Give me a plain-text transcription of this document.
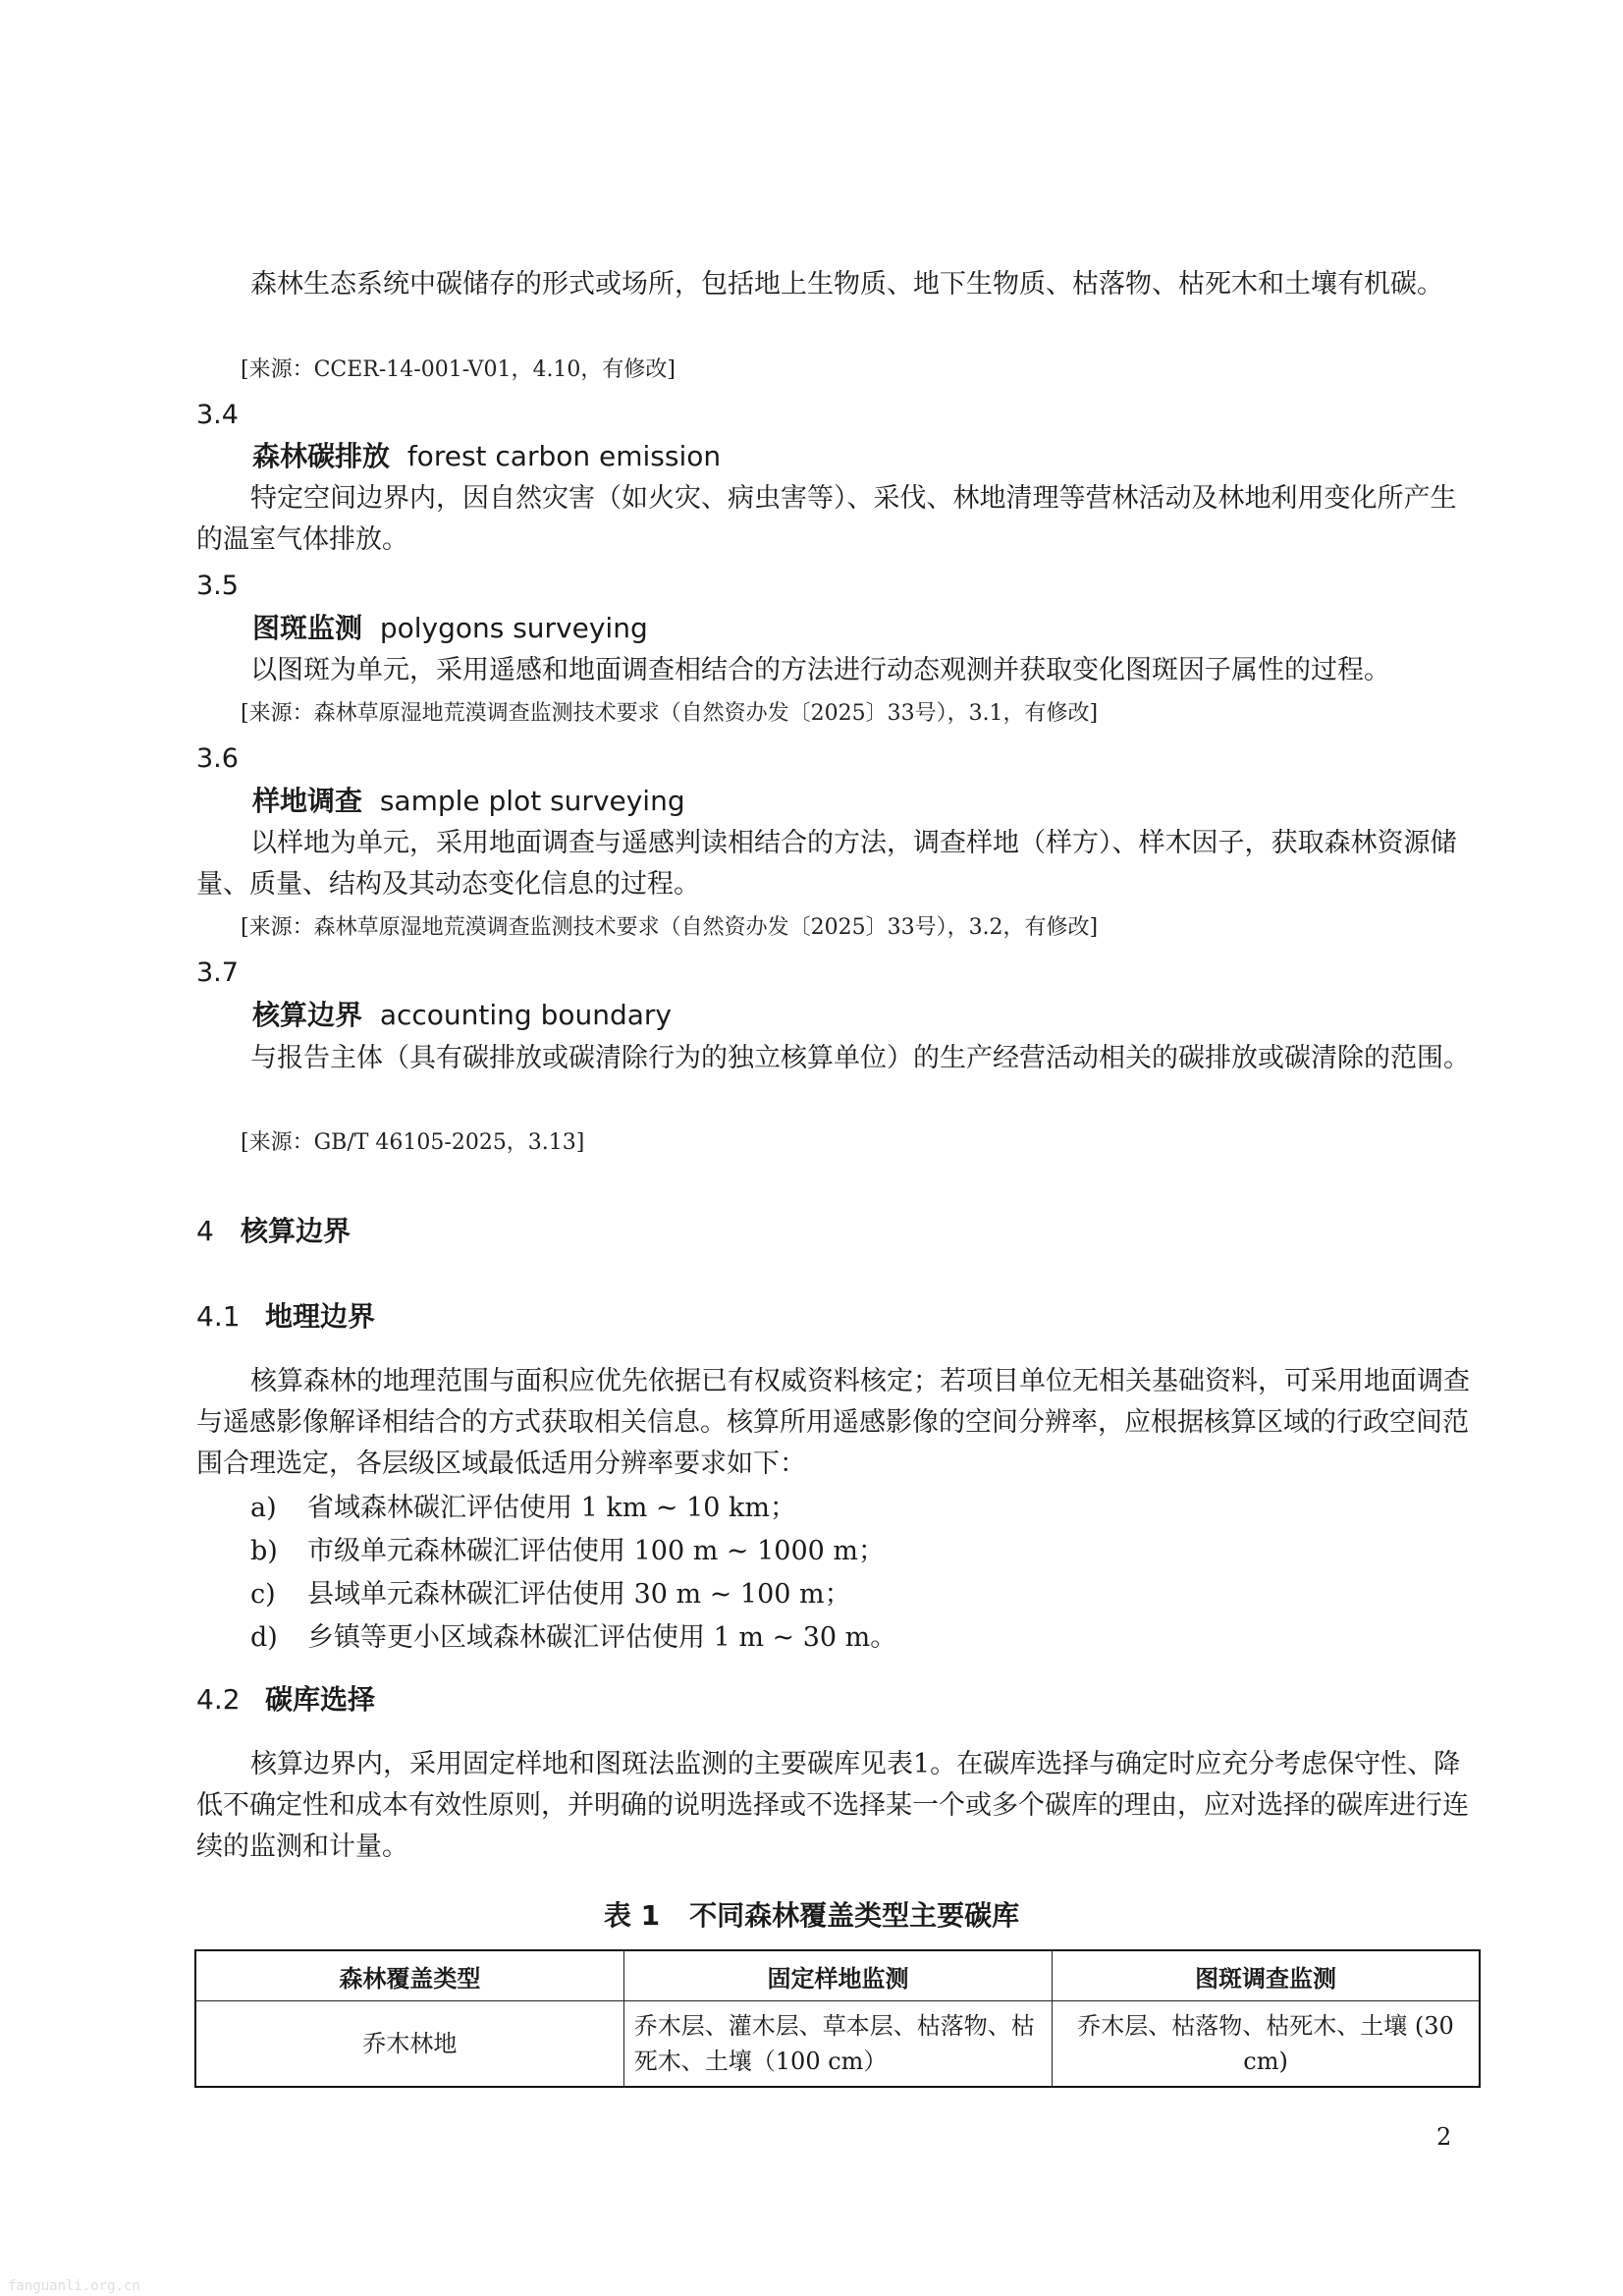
森林生态系统中碳储存的形式或场所，包括地上生物质、地下生物质、枯落物、枯死木和土壤有机碳。

[来源：CCER-14-001-V01，4.10，有修改]

3.4
森林碳排放 forest carbon emission

特定空间边界内，因自然灾害（如火灾、病虫害等）、采伐、林地清理等营林活动及林地利用变化所产生的温室气体排放。

3.5
图斑监测 polygons surveying

以图斑为单元，采用遥感和地面调查相结合的方法进行动态观测并获取变化图斑因子属性的过程。

[来源：森林草原湿地荒漠调查监测技术要求（自然资办发〔2025〕33号），3.1，有修改]

3.6
样地调查 sample plot surveying

以样地为单元，采用地面调查与遥感判读相结合的方法，调查样地（样方）、样木因子，获取森林资源储量、质量、结构及其动态变化信息的过程。

[来源：森林草原湿地荒漠调查监测技术要求（自然资办发〔2025〕33号），3.2，有修改]

3.7
核算边界 accounting boundary

与报告主体（具有碳排放或碳清除行为的独立核算单位）的生产经营活动相关的碳排放或碳清除的范围。

[来源：GB/T 46105-2025，3.13]

4 核算边界
4.1 地理边界

核算森林的地理范围与面积应优先依据已有权威资料核定；若项目单位无相关基础资料，可采用地面调查与遥感影像解译相结合的方式获取相关信息。核算所用遥感影像的空间分辨率，应根据核算区域的行政空间范围合理选定，各层级区域最低适用分辨率要求如下：

a) 省域森林碳汇评估使用 1 km ~ 10 km；
b) 市级单元森林碳汇评估使用 100 m ~ 1000 m；
c) 县域单元森林碳汇评估使用 30 m ~ 100 m；
d) 乡镇等更小区域森林碳汇评估使用 1 m ~ 30 m。
4.2 碳库选择

核算边界内，采用固定样地和图斑法监测的主要碳库见表1。在碳库选择与确定时应充分考虑保守性、降低不确定性和成本有效性原则，并明确的说明选择或不选择某一个或多个碳库的理由，应对选择的碳库进行连续的监测和计量。

表 1 不同森林覆盖类型主要碳库
森林覆盖类型	固定样地监测	图斑调查监测
乔木林地	乔木层、灌木层、草本层、枯落物、枯死木、土壤（100 cm）	乔木层、枯落物、枯死木、土壤 (30 cm)
2
fanguanli.org.cn
